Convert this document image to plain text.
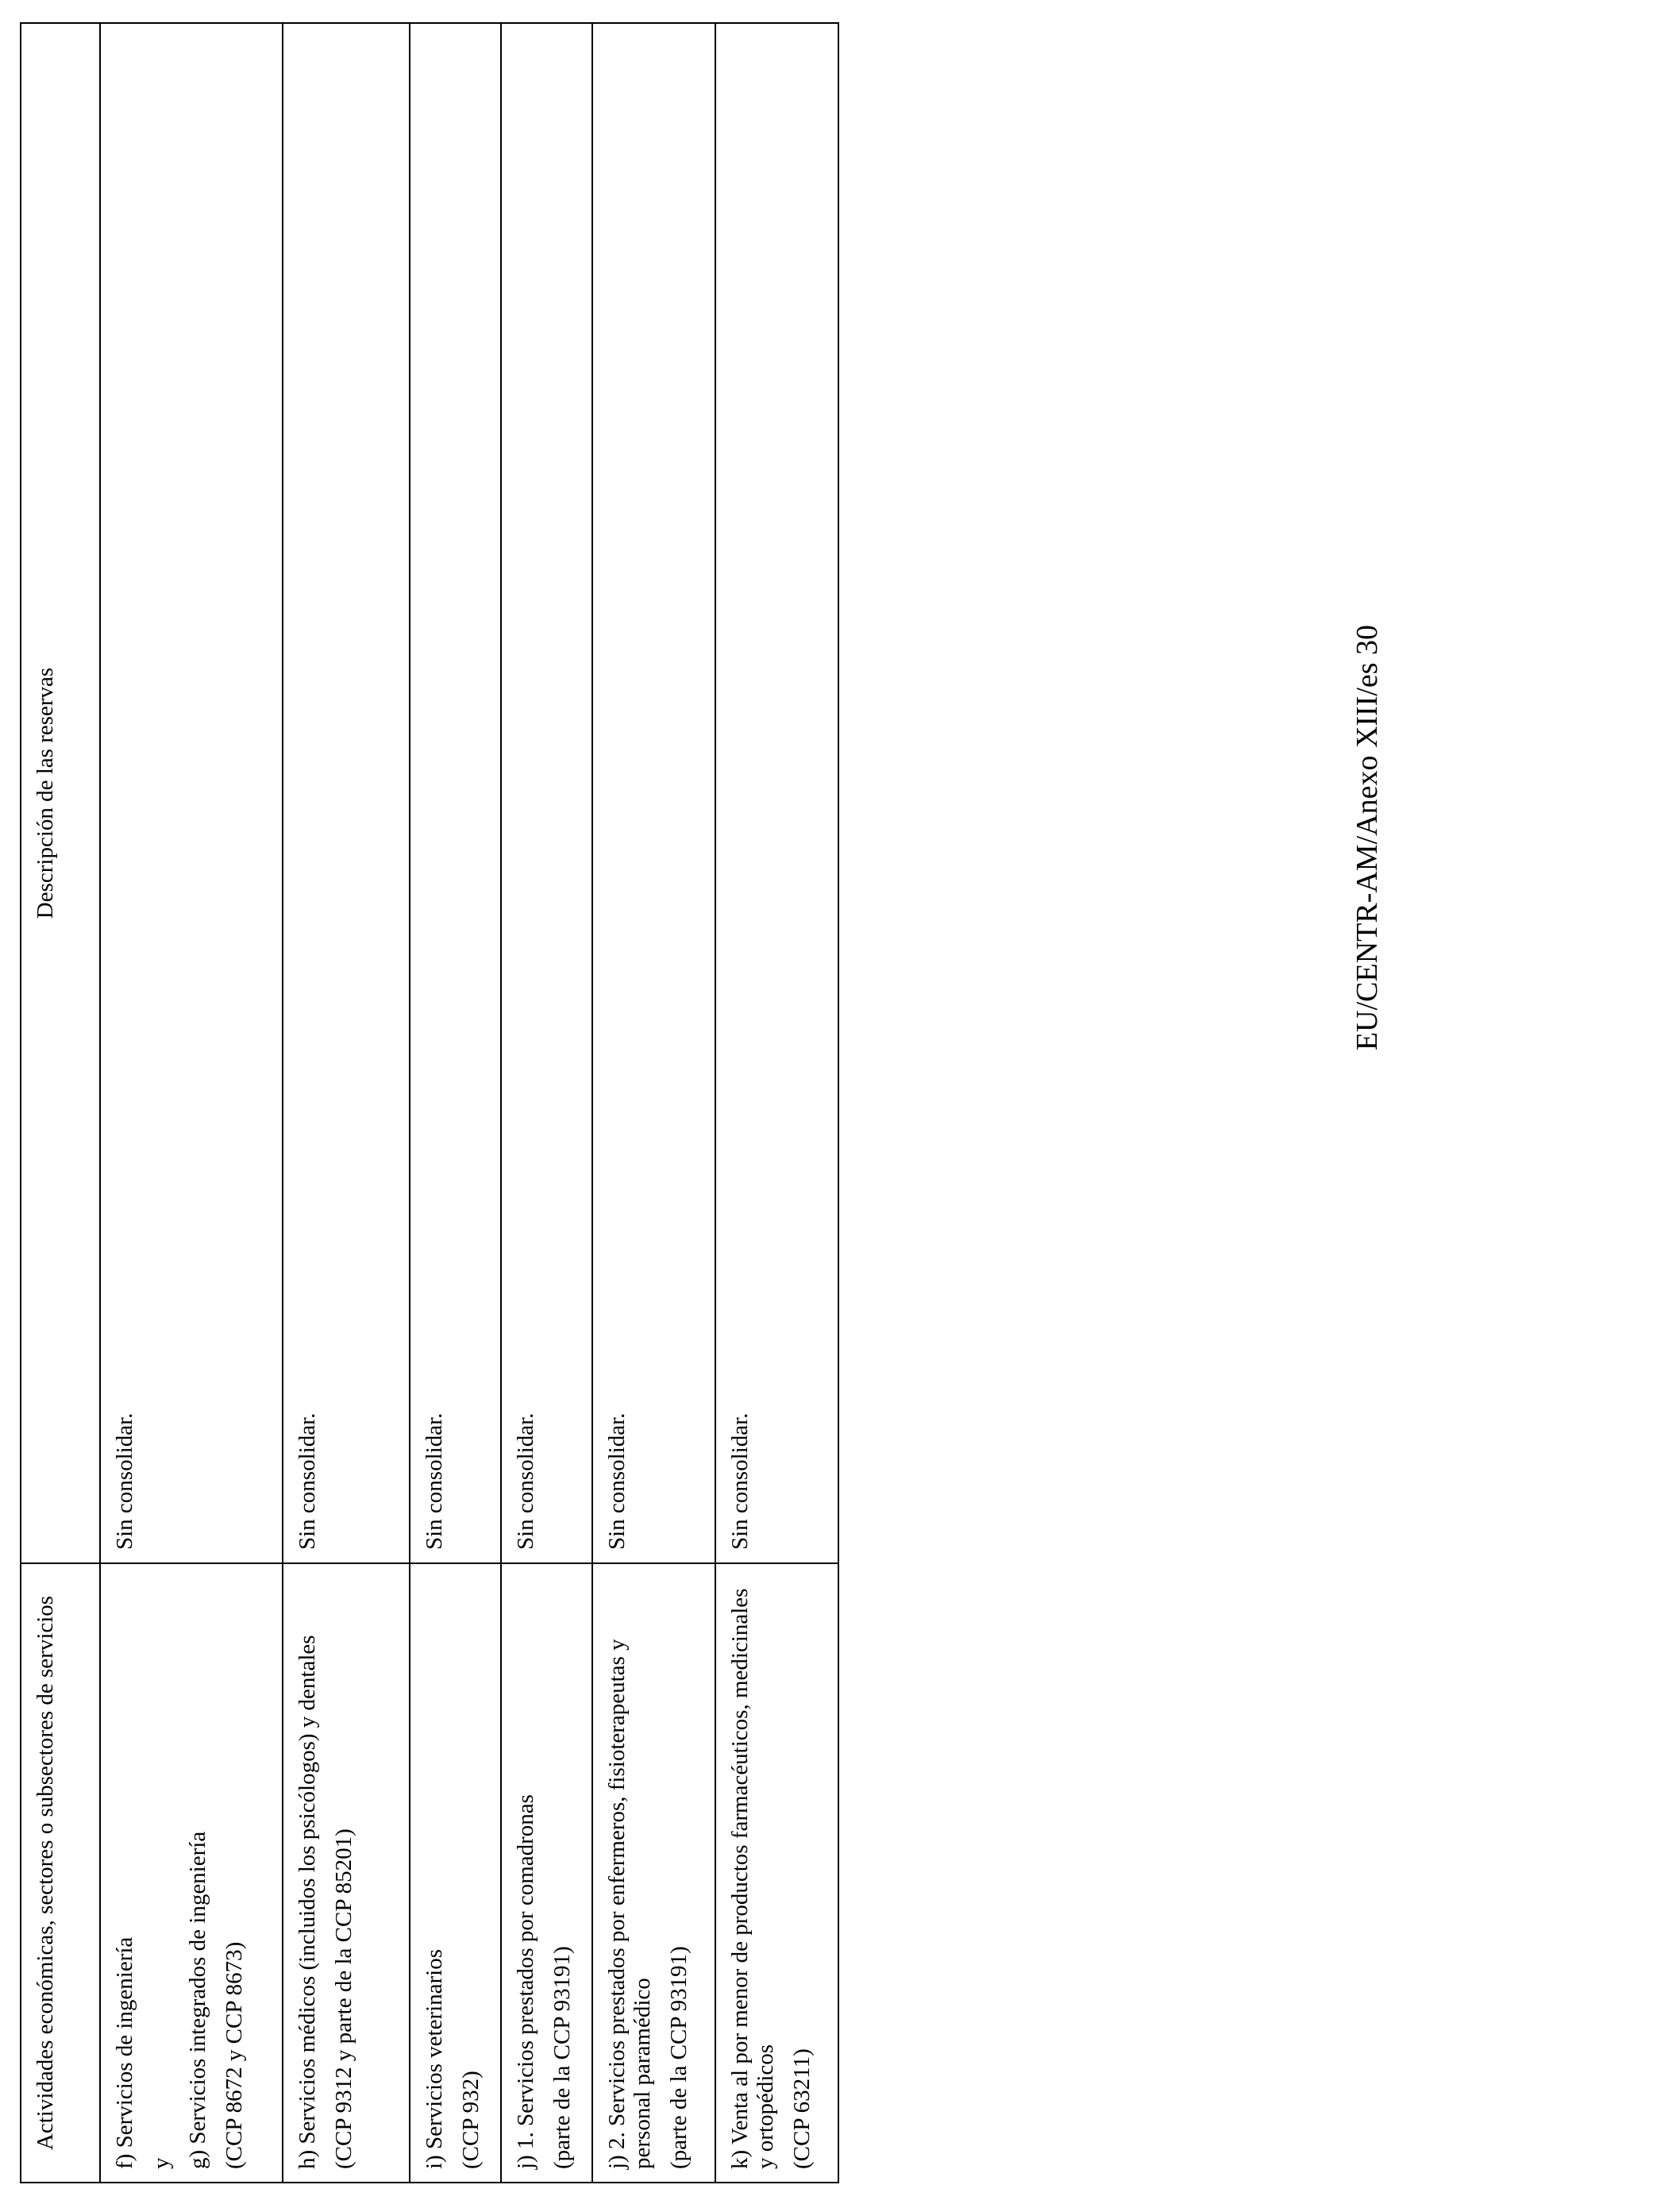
Actividades económicas, sectores o subsectores de servicios	Descripción de las reservas

f) Servicios de ingeniería y g) Servicios integrados de ingeniería (CCP 8672 y CCP 8673)	Sin consolidar.

h) Servicios médicos (incluidos los psicólogos) y dentales (CCP 9312 y parte de la CCP 85201)	Sin consolidar.

i) Servicios veterinarios (CCP 932)	Sin consolidar.

j) 1. Servicios prestados por comadronas (parte de la CCP 93191)	Sin consolidar.

j) 2. Servicios prestados por enfermeros, fisioterapeutas y personal paramédico (parte de la CCP 93191)	Sin consolidar.

k) Venta al por menor de productos farmacéuticos, medicinales y ortopédicos (CCP 63211)	Sin consolidar.
EU/CENTR-AM/Anexo XIII/es 30
